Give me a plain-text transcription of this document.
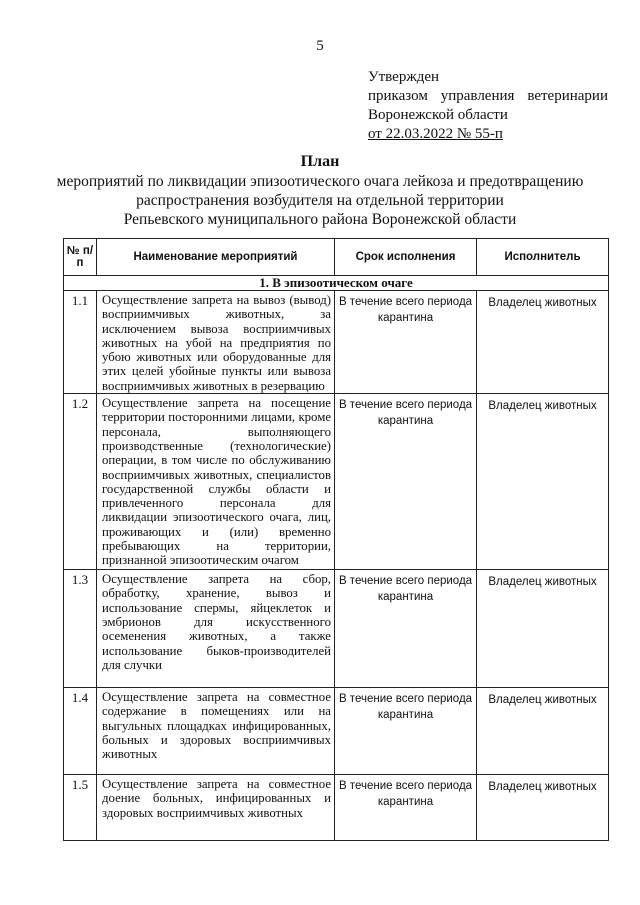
5
Утвержден
приказом управления ветеринарии
Воронежской области
от 22.03.2022 № 55-п
План
мероприятий по ликвидации эпизоотического очага лейкоза и предотвращению
распространения возбудителя на отдельной территории
Репьевского муниципального района Воронежской области
№ п/п	Наименование мероприятий	Срок исполнения	Исполнитель
1. В эпизоотическом очаге			
1.1	Осуществление запрета на вывоз (вывод) восприимчивых животных, за исключением вывоза восприимчивых животных на убой на предприятия по убою животных или оборудованные для этих целей убойные пункты или вывоза восприимчивых животных в резервацию	В течение всего периода карантина	Владелец животных
1.2	Осуществление запрета на посещение территории посторонними лицами, кроме персонала, выполняющего производственные (технологические) операции, в том числе по обслуживанию восприимчивых животных, специалистов государственной службы области и привлеченного персонала для ликвидации эпизоотического очага, лиц, проживающих и (или) временно пребывающих на территории, признанной эпизоотическим очагом	В течение всего периода карантина	Владелец животных
1.3	Осуществление запрета на сбор, обработку, хранение, вывоз и использование спермы, яйцеклеток и эмбрионов для искусственного осеменения животных, а также использование быков-производителей для случки	В течение всего периода карантина	Владелец животных
1.4	Осуществление запрета на совместное содержание в помещениях или на выгульных площадках инфицированных, больных и здоровых восприимчивых животных	В течение всего периода карантина	Владелец животных
1.5	Осуществление запрета на совместное доение больных, инфицированных и здоровых восприимчивых животных	В течение всего периода карантина	Владелец животных
